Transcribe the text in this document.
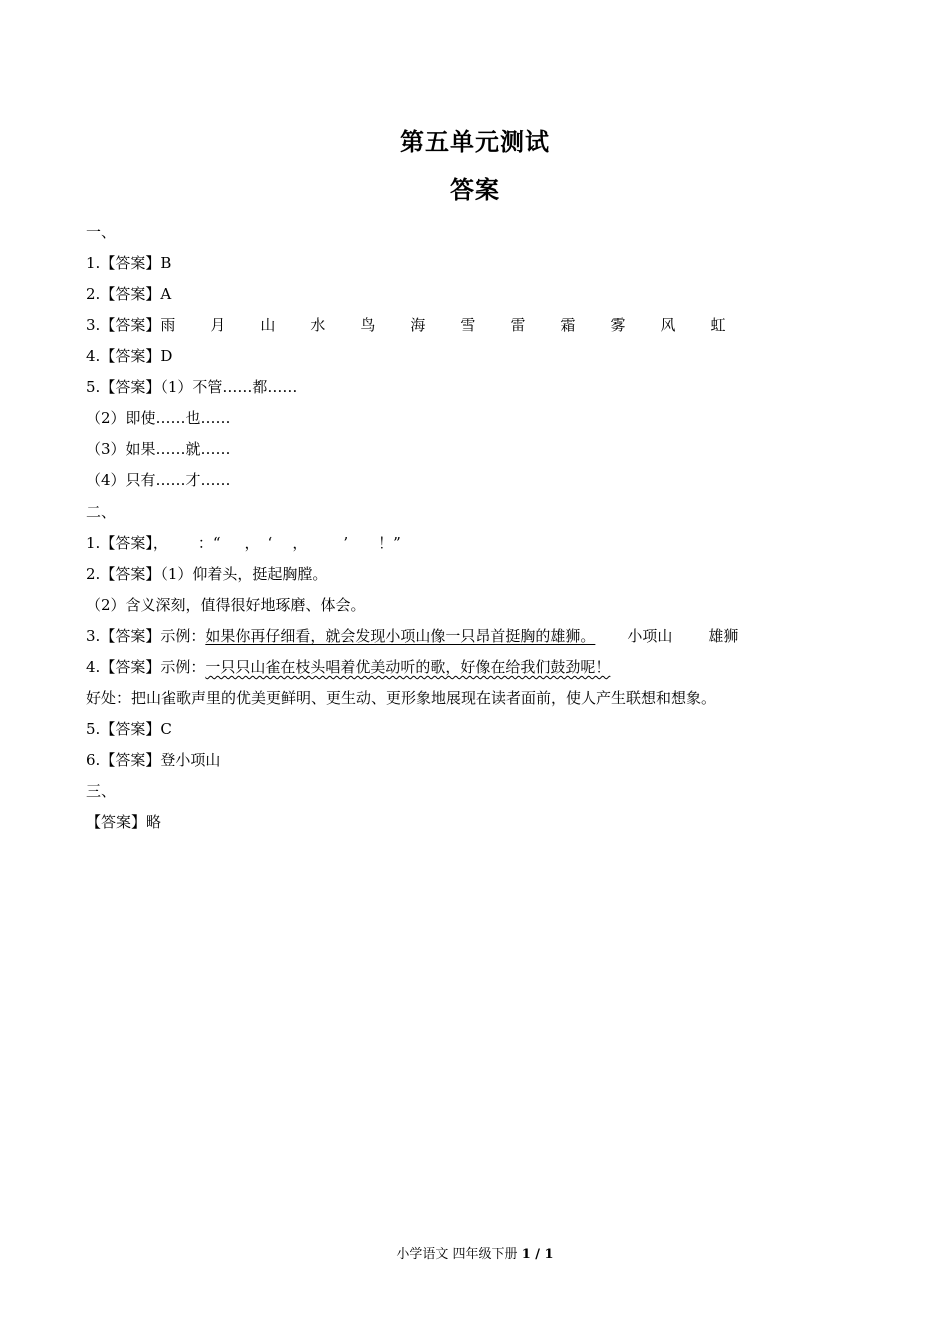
第五单元测试
答案
一、
1.【答案】B
2.【答案】A
3.【答案】雨 月 山 水 鸟 海 雪 雷 霜 雾 风 虹
4.【答案】D
5.【答案】（1）不管……都……
（2）即使……也……
（3）如果……就……
（4）只有……才……
二、
1.【答案】， ：“ ， ‘ ， ’ ！”
2.【答案】（1）仰着头，挺起胸膛。
（2）含义深刻，值得很好地琢磨、体会。
3.【答案】示例：如果你再仔细看，就会发现小项山像一只昂首挺胸的雄狮。 小项山 雄狮
4.【答案】示例：一只只山雀在枝头唱着优美动听的歌，好像在给我们鼓劲呢！
好处：把山雀歌声里的优美更鲜明、更生动、更形象地展现在读者面前，使人产生联想和想象。
5.【答案】C
6.【答案】登小项山
三、
【答案】略
小学语文 四年级下册 1 / 1
